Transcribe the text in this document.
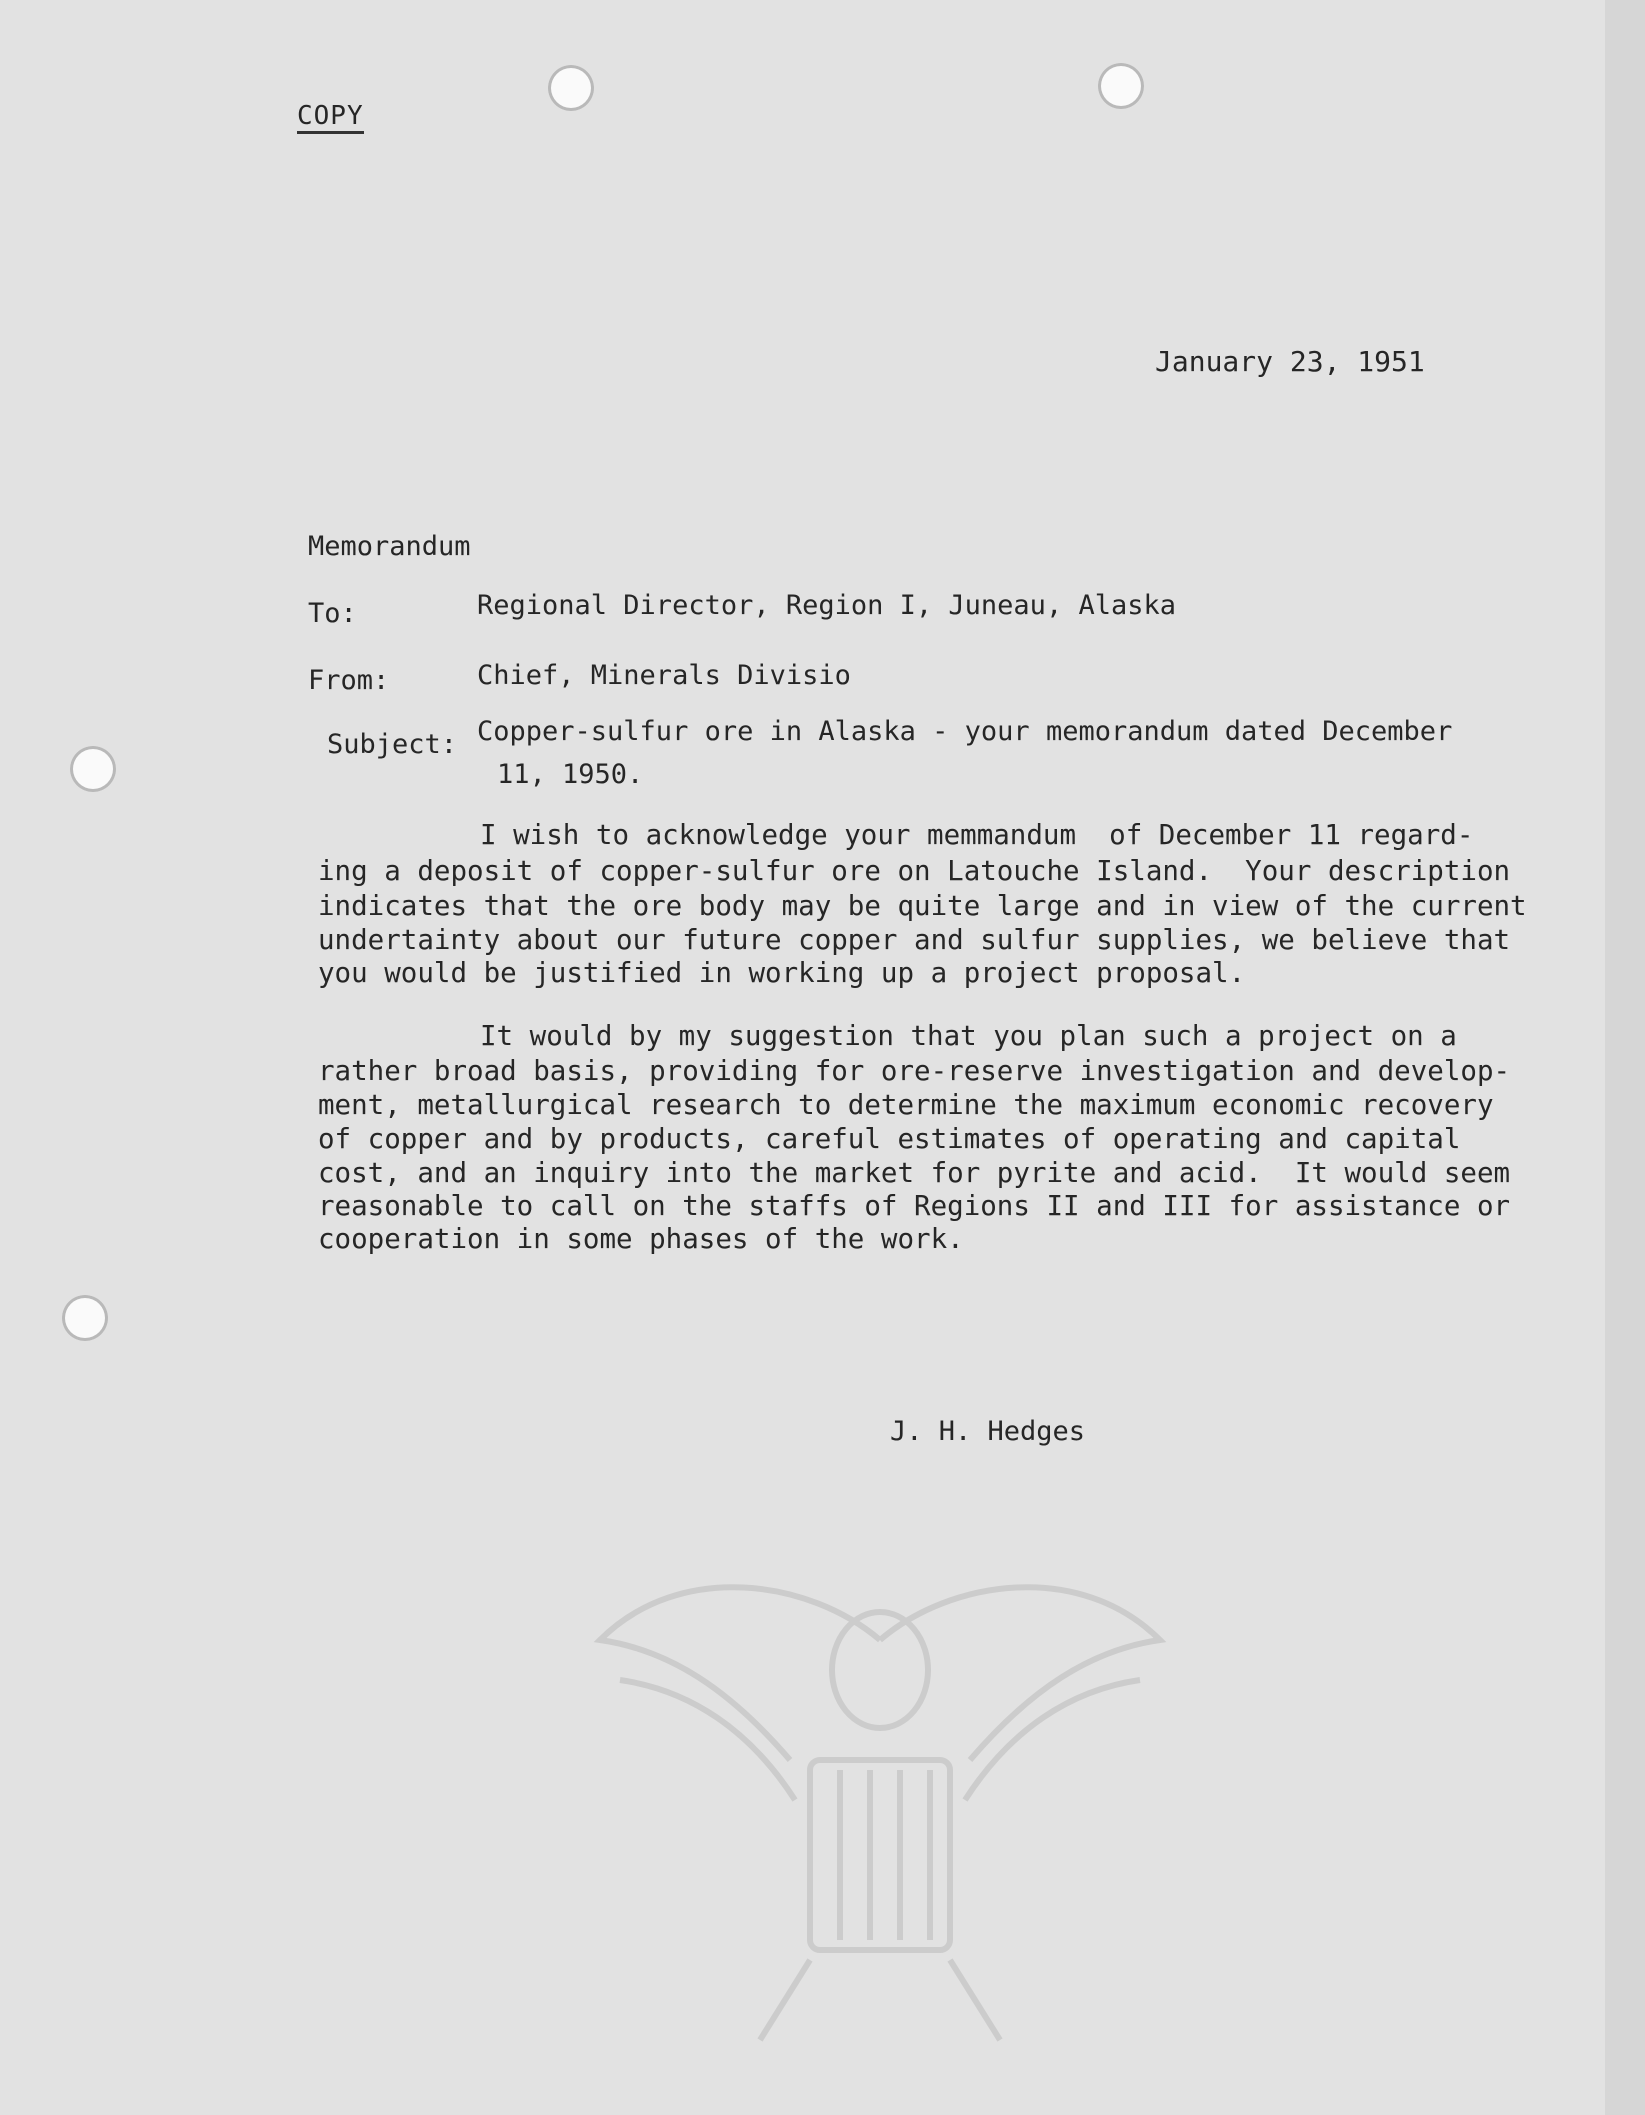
COPY
January 23, 1951
Memorandum
To:	Regional Director, Region I, Juneau, Alaska
From:	Chief, Minerals Divisio
Subject: Copper-sulfur ore in Alaska - your memorandum dated December
11, 1950.
I wish to acknowledge your memmandum  of December 11 regard-
ing a deposit of copper-sulfur ore on Latouche Island.  Your description
indicates that the ore body may be quite large and in view of the current
undertainty about our future copper and sulfur supplies, we believe that
you would be justified in working up a project proposal.
It would by my suggestion that you plan such a project on a
rather broad basis, providing for ore-reserve investigation and develop-
ment, metallurgical research to determine the maximum economic recovery
of copper and by products, careful estimates of operating and capital
cost, and an inquiry into the market for pyrite and acid.  It would seem
reasonable to call on the staffs of Regions II and III for assistance or
cooperation in some phases of the work.
J. H. Hedges
